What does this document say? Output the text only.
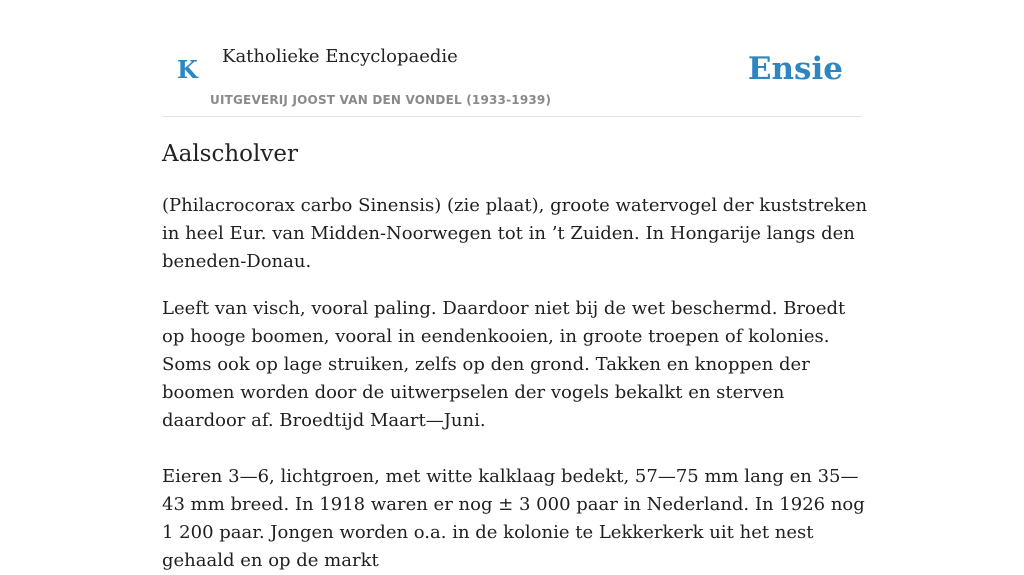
K Katholieke Encyclopaedie
UITGEVERIJ JOOST VAN DEN VONDEL (1933-1939)
Ensie
Aalscholver

(Philacrocorax carbo Sinensis) (zie plaat), groote watervogel der kuststreken in heel Eur. van Midden-Noorwegen tot in ’t Zuiden. In Hongarije langs den beneden-Donau.

Leeft van visch, vooral paling. Daardoor niet bij de wet beschermd. Broedt op hooge boomen, vooral in eendenkooien, in groote troepen of kolonies. Soms ook op lage struiken, zelfs op den grond. Takken en knoppen der boomen worden door de uitwerpselen der vogels bekalkt en sterven daardoor af. Broedtijd Maart—Juni.

Eieren 3—6, lichtgroen, met witte kalklaag bedekt, 57—75 mm lang en 35—43 mm breed. In 1918 waren er nog ± 3 000 paar in Nederland. In 1926 nog 1 200 paar. Jongen worden o.a. in de kolonie te Lekkerkerk uit het nest gehaald en op de markt
